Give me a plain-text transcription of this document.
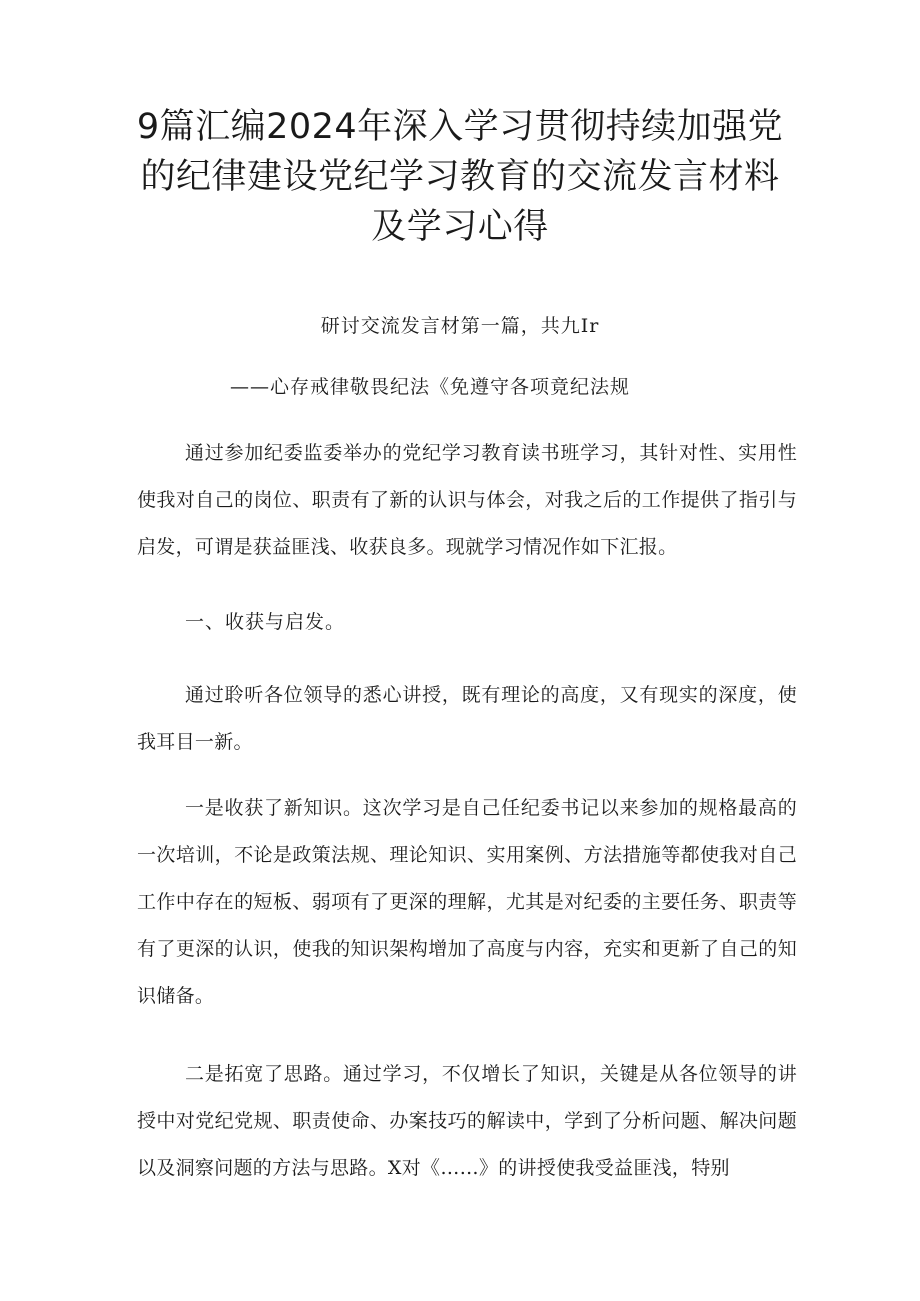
9篇汇编2024年深入学习贯彻持续加强党
的纪律建设党纪学习教育的交流发言材料
及学习心得

研讨交流发言材第一篇，共九Ir

——心存戒律敬畏纪法《免遵守各项竟纪法规

通过参加纪委监委举办的党纪学习教育读书班学习，其针对性、实用性使我对自己的岗位、职责有了新的认识与体会，对我之后的工作提供了指引与启发，可谓是获益匪浅、收获良多。现就学习情况作如下汇报。

一、收获与启发。

通过聆听各位领导的悉心讲授，既有理论的高度，又有现实的深度，使我耳目一新。

一是收获了新知识。这次学习是自己任纪委书记以来参加的规格最高的一次培训，不论是政策法规、理论知识、实用案例、方法措施等都使我对自己工作中存在的短板、弱项有了更深的理解，尤其是对纪委的主要任务、职责等有了更深的认识，使我的知识架构增加了高度与内容，充实和更新了自己的知识储备。

二是拓宽了思路。通过学习，不仅增长了知识，关键是从各位领导的讲授中对党纪党规、职责使命、办案技巧的解读中，学到了分析问题、解决问题以及洞察问题的方法与思路。X对《……》的讲授使我受益匪浅，特别
